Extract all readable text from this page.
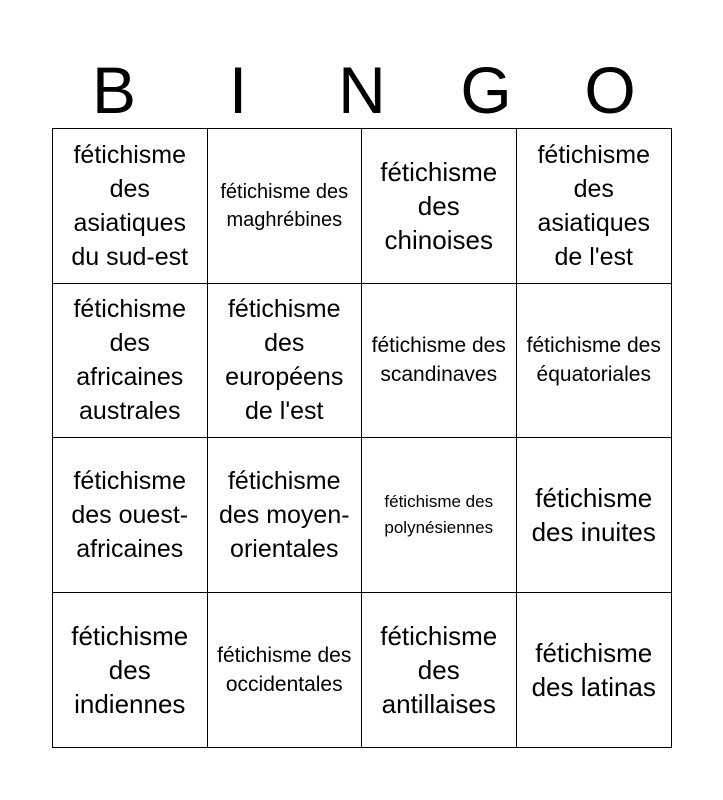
B	I	N	G	O
fétichisme des asiatiques du sud-est
fétichisme des maghrébines
fétichisme des chinoises
fétichisme des asiatiques de l'est
fétichisme des africaines australes
fétichisme des européens de l'est
fétichisme des scandinaves
fétichisme des équatoriales
fétichisme des ouest-africaines
fétichisme des moyen-orientales
fétichisme des polynésiennes
fétichisme des inuites
fétichisme des indiennes
fétichisme des occidentales
fétichisme des antillaises
fétichisme des latinas
